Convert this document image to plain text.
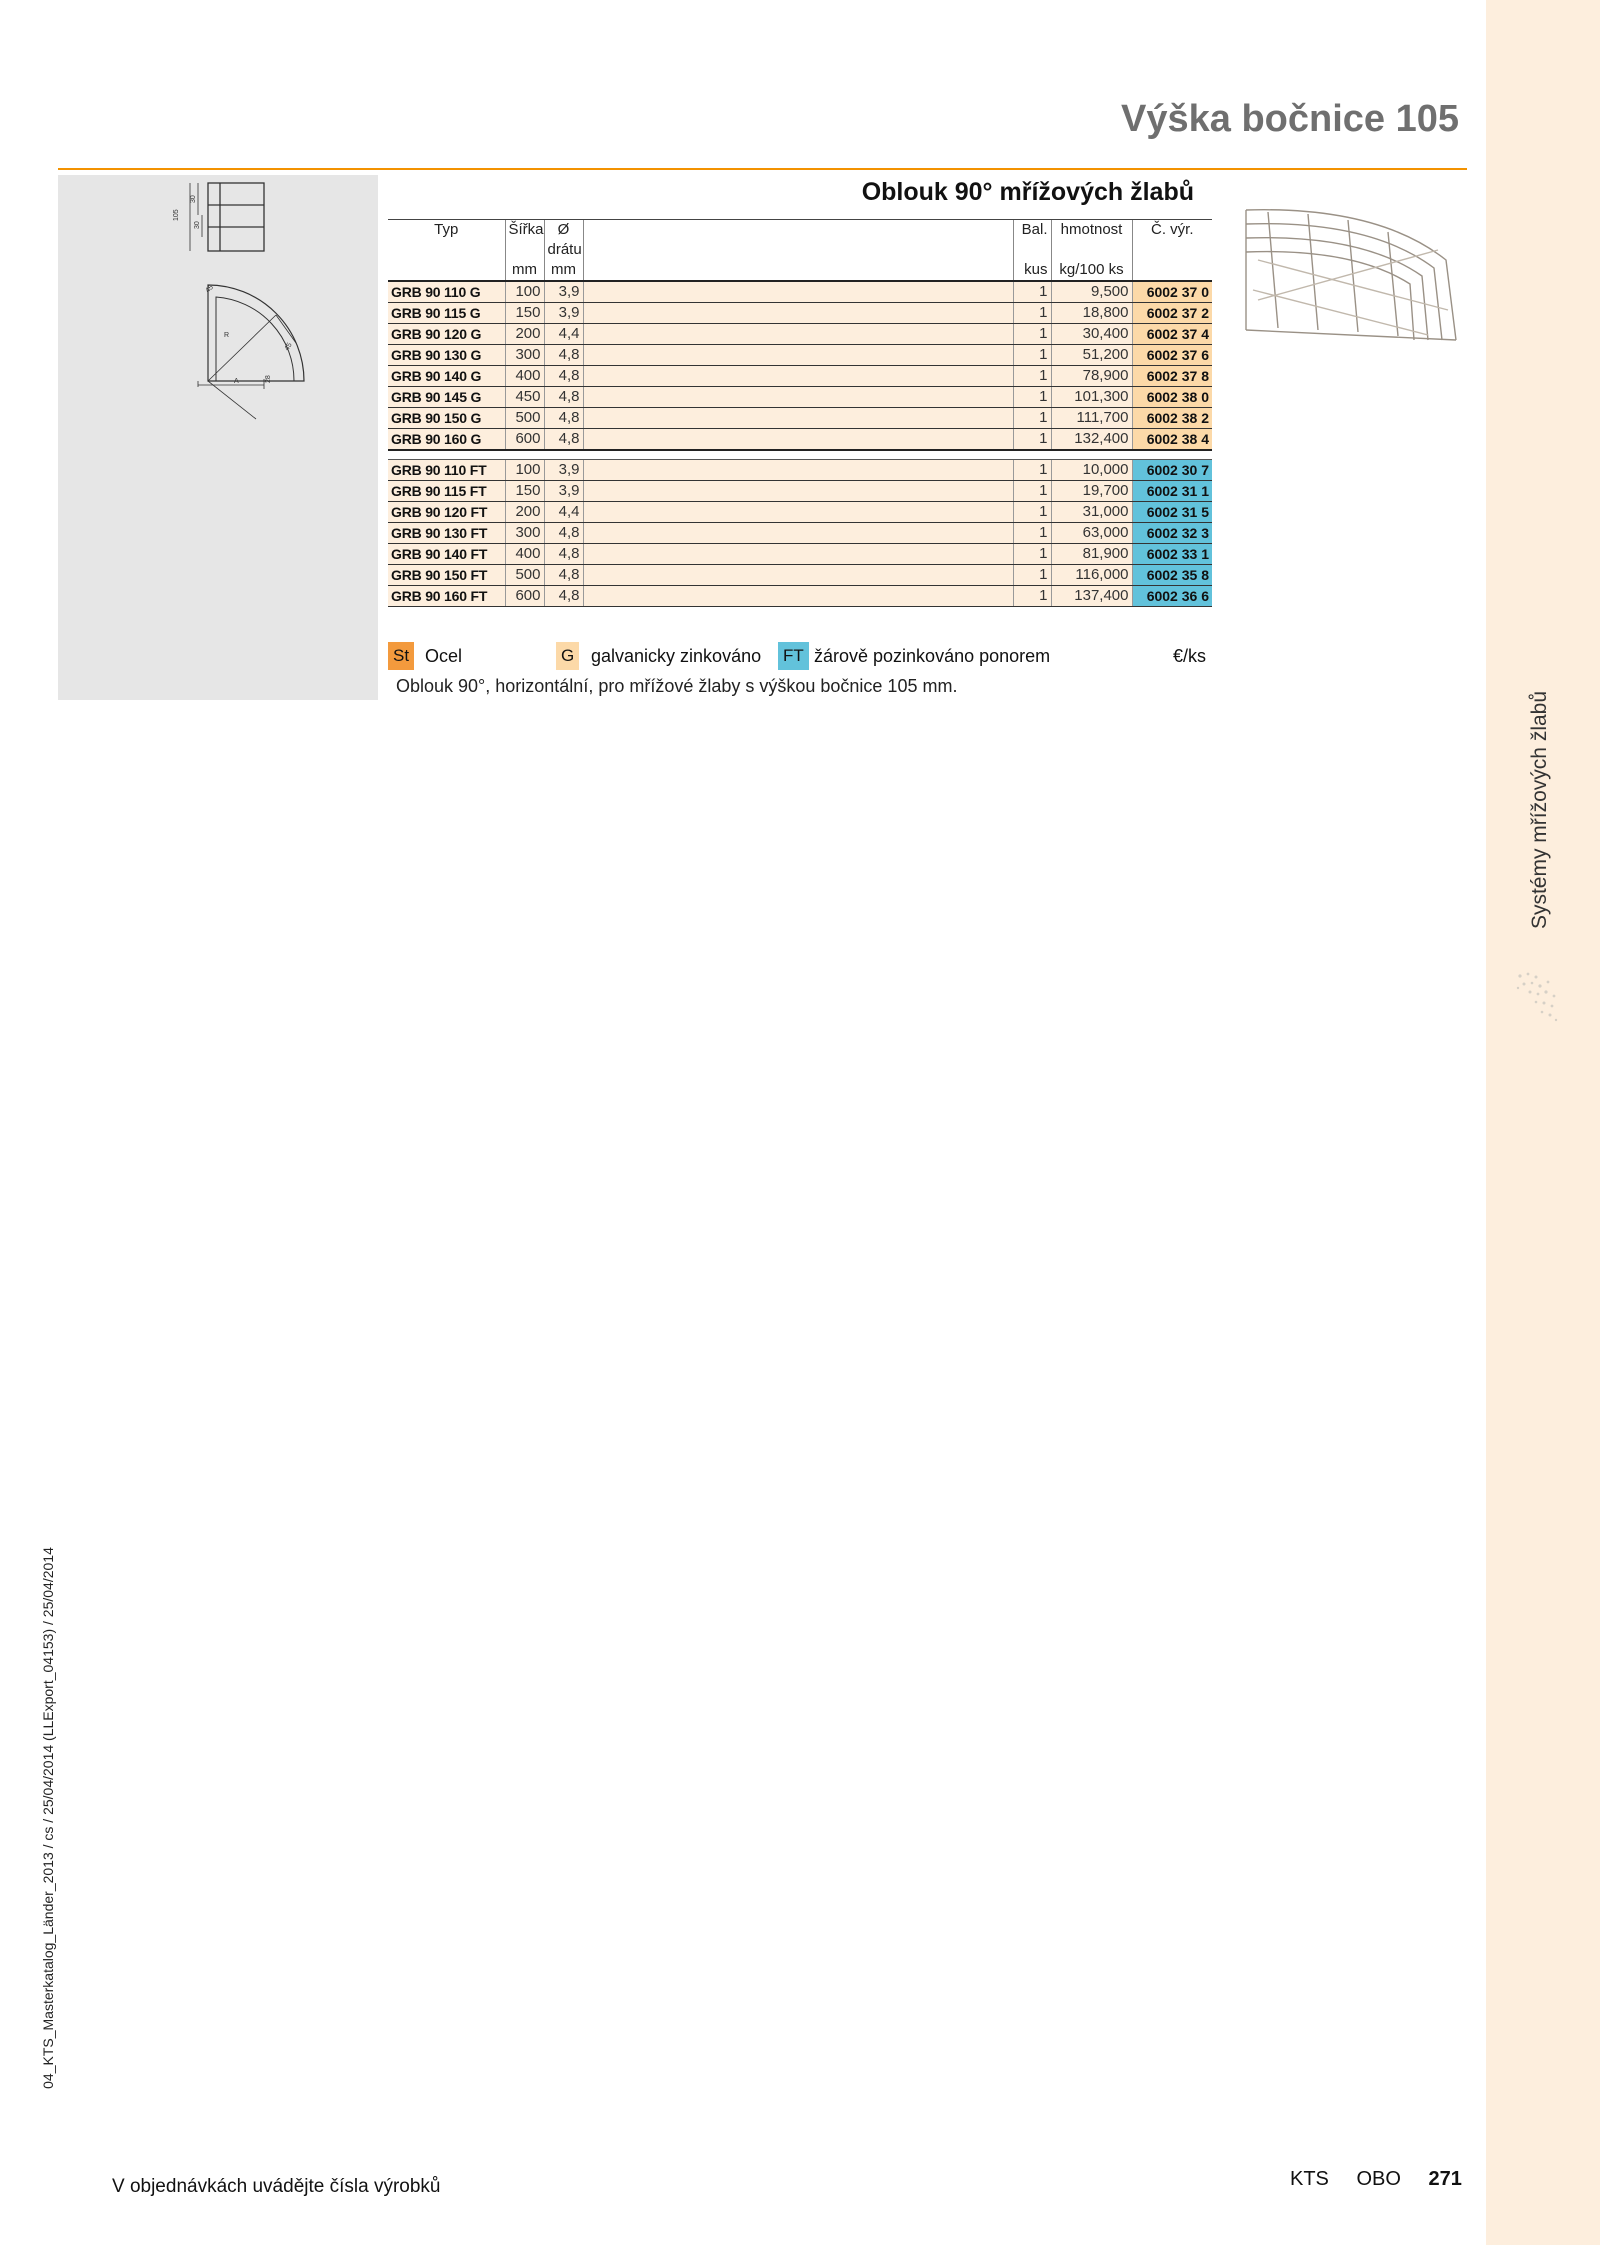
Systémy mřížových žlabů
04_KTS_Masterkatalog_Länder_2013 / cs / 25/04/2014 (LLExport_04153) / 25/04/2014
Výška bočnice 105
105
30
30
R
45
A	28
45
Oblouk 90° mřížových žlabů
Typ	Šířka	Ø		Bal.	hmotnost	Č. výr.
		drátu				
	mm	mm		kus	kg/100 ks	
GRB 90 110 G	100	3,9		1	9,500	6002 37 0
GRB 90 115 G	150	3,9		1	18,800	6002 37 2
GRB 90 120 G	200	4,4		1	30,400	6002 37 4
GRB 90 130 G	300	4,8		1	51,200	6002 37 6
GRB 90 140 G	400	4,8		1	78,900	6002 37 8
GRB 90 145 G	450	4,8		1	101,300	6002 38 0
GRB 90 150 G	500	4,8		1	111,700	6002 38 2
GRB 90 160 G	600	4,8		1	132,400	6002 38 4

GRB 90 110 FT	100	3,9		1	10,000	6002 30 7
GRB 90 115 FT	150	3,9		1	19,700	6002 31 1
GRB 90 120 FT	200	4,4		1	31,000	6002 31 5
GRB 90 130 FT	300	4,8		1	63,000	6002 32 3
GRB 90 140 FT	400	4,8		1	81,900	6002 33 1
GRB 90 150 FT	500	4,8		1	116,000	6002 35 8
GRB 90 160 FT	600	4,8		1	137,400	6002 36 6
St Ocel	G galvanicky zinkováno FT žárově pozinkováno ponorem	€/ks

Oblouk 90°, horizontální, pro mřížové žlaby s výškou bočnice 105 mm.

V objednávkách uvádějte čísla výrobků	KTS OBO 271
